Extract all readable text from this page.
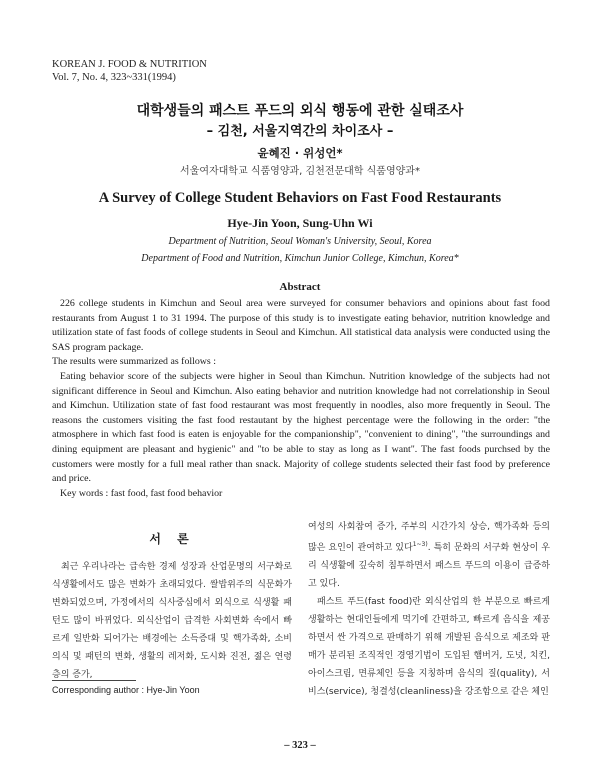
KOREAN J. FOOD & NUTRITION
Vol. 7, No. 4, 323~331(1994)
대학생들의 패스트 푸드의 외식 행동에 관한 실태조사
– 김천, 서울지역간의 차이조사 –
윤혜진 · 위성언*
서울여자대학교 식품영양과, 김천전문대학 식품영양과*
A Survey of College Student Behaviors on Fast Food Restaurants
Hye-Jin Yoon, Sung-Uhn Wi
Department of Nutrition, Seoul Woman's University, Seoul, Korea
Department of Food and Nutrition, Kimchun Junior College, Kimchun, Korea*
Abstract

226 college students in Kimchun and Seoul area were surveyed for consumer behaviors and opinions about fast food restaurants from August 1 to 31 1994. The purpose of this study is to investigate eating behavior, nutrition knowledge and utilization state of fast foods of college students in Seoul and Kimchun. All statistical data analysis were conducted using the SAS program package.

The results were summarized as follows :

Eating behavior score of the subjects were higher in Seoul than Kimchun. Nutrition knowledge of the subjects had not significant difference in Seoul and Kimchun. Also eating behavior and nutrition knowledge had not correlationship in Seoul and Kimchun. Utilization state of fast food restaurant was most frequently in noodles, also more frequently in Seoul. The reasons the customers visiting the fast food restautant by the highest percentage were the following in the order: "the atmosphere in which fast food is eaten is enjoyable for the companionship", "convenient to dining", "the surroundings and dining equipment are pleasant and hygienic" and "to be able to stay as long as I want". The fast foods purchsed by the customers were mostly for a full meal rather than snack. Majority of college students selected their fast food by preference and price.

Key words : fast food, fast food behavior

서 론

최근 우리나라는 급속한 경제 성장과 산업문명의 서구화로 식생활에서도 많은 변화가 초래되었다. 쌀밥위주의 식문화가 변화되었으며, 가정에서의 식사중심에서 외식으로 식생활 패턴도 많이 바뀌었다. 외식산업이 급격한 사회변화 속에서 빠르게 일반화 되어가는 배경에는 소득증대 및 핵가족화, 소비의식 및 패턴의 변화, 생활의 레저화, 도시화 진전, 젊은 연령층의 증가,

여성의 사회참여 증가, 주부의 시간가치 상승, 핵가족화 등의 많은 요인이 관여하고 있다$^{1\sim 3)}$. 특히 문화의 서구화 현상이 우리 식생활에 깊숙히 침투하면서 패스트 푸드의 이용이 급증하고 있다.

패스트 푸드(fast food)란 외식산업의 한 부분으로 빠르게 생활하는 현대인들에게 먹기에 간편하고, 빠르게 음식을 제공하면서 싼 가격으로 판매하기 위해 개발된 음식으로 제조와 판매가 분리된 조직적인 경영기법이 도입된 햄버거, 도넛, 치킨, 아이스크림, 면류체인 등을 지칭하며 음식의 질(quality), 서비스(service), 청결성(cleanliness)을 강조함으로 같은 체인

Corresponding author : Hye-Jin Yoon
– 323 –
